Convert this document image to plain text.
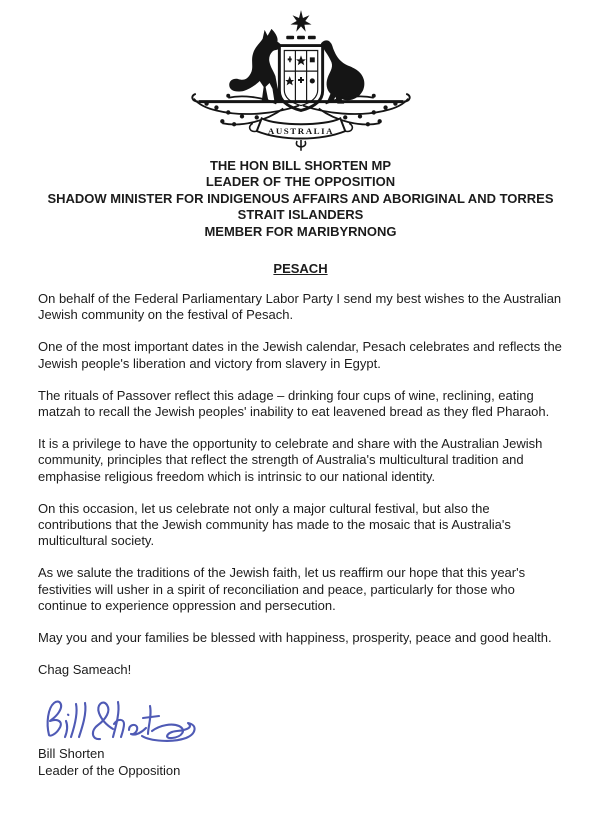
AUSTRALIA
THE HON BILL SHORTEN MP
LEADER OF THE OPPOSITION
SHADOW MINISTER FOR INDIGENOUS AFFAIRS AND ABORIGINAL AND TORRES STRAIT ISLANDERS
MEMBER FOR MARIBYRNONG
PESACH

On behalf of the Federal Parliamentary Labor Party I send my best wishes to the Australian Jewish community on the festival of Pesach.

One of the most important dates in the Jewish calendar, Pesach celebrates and reflects the Jewish people's liberation and victory from slavery in Egypt.

The rituals of Passover reflect this adage – drinking four cups of wine, reclining, eating matzah to recall the Jewish peoples' inability to eat leavened bread as they fled Pharaoh.

It is a privilege to have the opportunity to celebrate and share with the Australian Jewish community, principles that reflect the strength of Australia's multicultural tradition and emphasise religious freedom which is intrinsic to our national identity.

On this occasion, let us celebrate not only a major cultural festival, but also the contributions that the Jewish community has made to the mosaic that is Australia's multicultural society.

As we salute the traditions of the Jewish faith, let us reaffirm our hope that this year's festivities will usher in a spirit of reconciliation and peace, particularly for those who continue to experience oppression and persecution.

May you and your families be blessed with happiness, prosperity, peace and good health.

Chag Sameach!

Bill Shorten
Leader of the Opposition
